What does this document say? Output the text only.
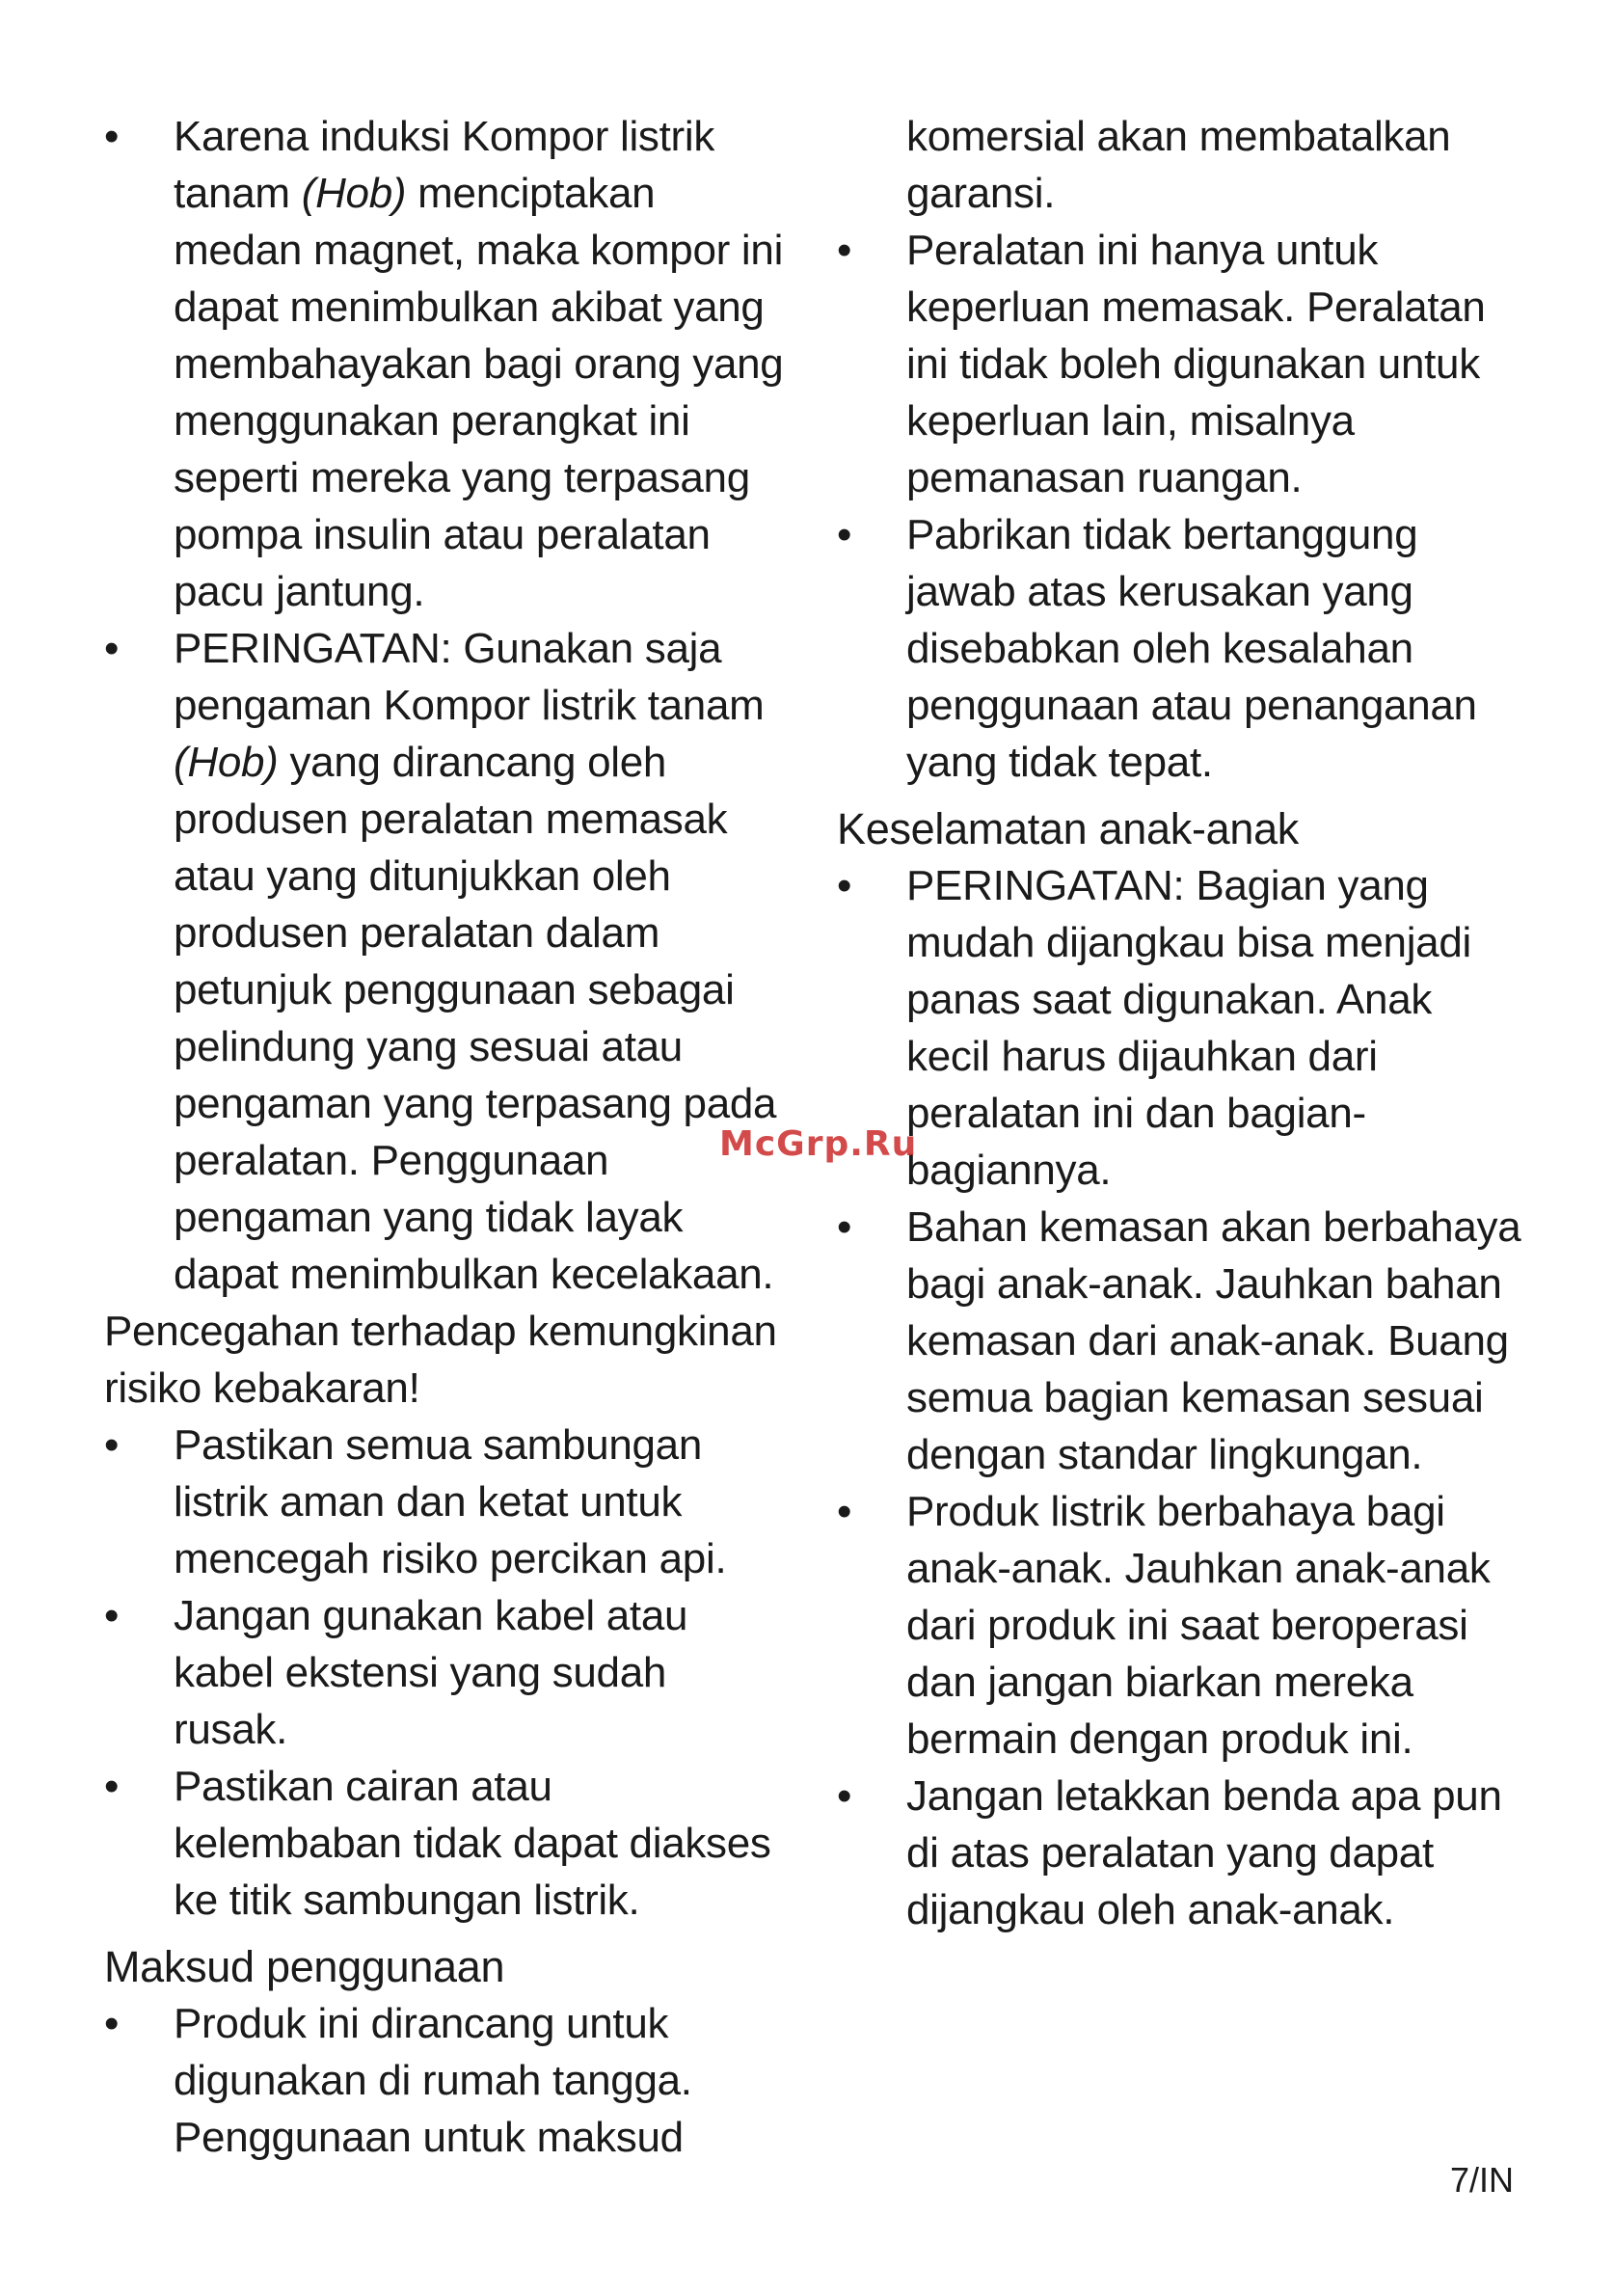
• Karena induksi Kompor listrik tanam (Hob) menciptakan medan magnet, maka kompor ini dapat menimbulkan akibat yang membahayakan bagi orang yang menggunakan perangkat ini seperti mereka yang terpasang pompa insulin atau peralatan pacu jantung.
• PERINGATAN: Gunakan saja pengaman Kompor listrik tanam (Hob) yang dirancang oleh produsen peralatan memasak atau yang ditunjukkan oleh produsen peralatan dalam petunjuk penggunaan sebagai pelindung yang sesuai atau pengaman yang terpasang pada peralatan. Penggunaan pengaman yang tidak layak dapat menimbulkan kecelakaan.

Pencegahan terhadap kemungkinan risiko kebakaran!

• Pastikan semua sambungan listrik aman dan ketat untuk mencegah risiko percikan api.
• Jangan gunakan kabel atau kabel ekstensi yang sudah rusak.
• Pastikan cairan atau kelembaban tidak dapat diakses ke titik sambungan listrik.

Maksud penggunaan

• Produk ini dirancang untuk digunakan di rumah tangga. Penggunaan untuk maksud
komersial akan membatalkan garansi.
• Peralatan ini hanya untuk keperluan memasak. Peralatan ini tidak boleh digunakan untuk keperluan lain, misalnya pemanasan ruangan.
• Pabrikan tidak bertanggung jawab atas kerusakan yang disebabkan oleh kesalahan penggunaan atau penanganan yang tidak tepat.

Keselamatan anak-anak

• PERINGATAN: Bagian yang mudah dijangkau bisa menjadi panas saat digunakan. Anak kecil harus dijauhkan dari peralatan ini dan bagian-bagiannya.
• Bahan kemasan akan berbahaya bagi anak-anak. Jauhkan bahan kemasan dari anak-anak. Buang semua bagian kemasan sesuai dengan standar lingkungan.
• Produk listrik berbahaya bagi anak-anak. Jauhkan anak-anak dari produk ini saat beroperasi dan jangan biarkan mereka bermain dengan produk ini.
• Jangan letakkan benda apa pun di atas peralatan yang dapat dijangkau oleh anak-anak.
McGrp.Ru
7/IN
